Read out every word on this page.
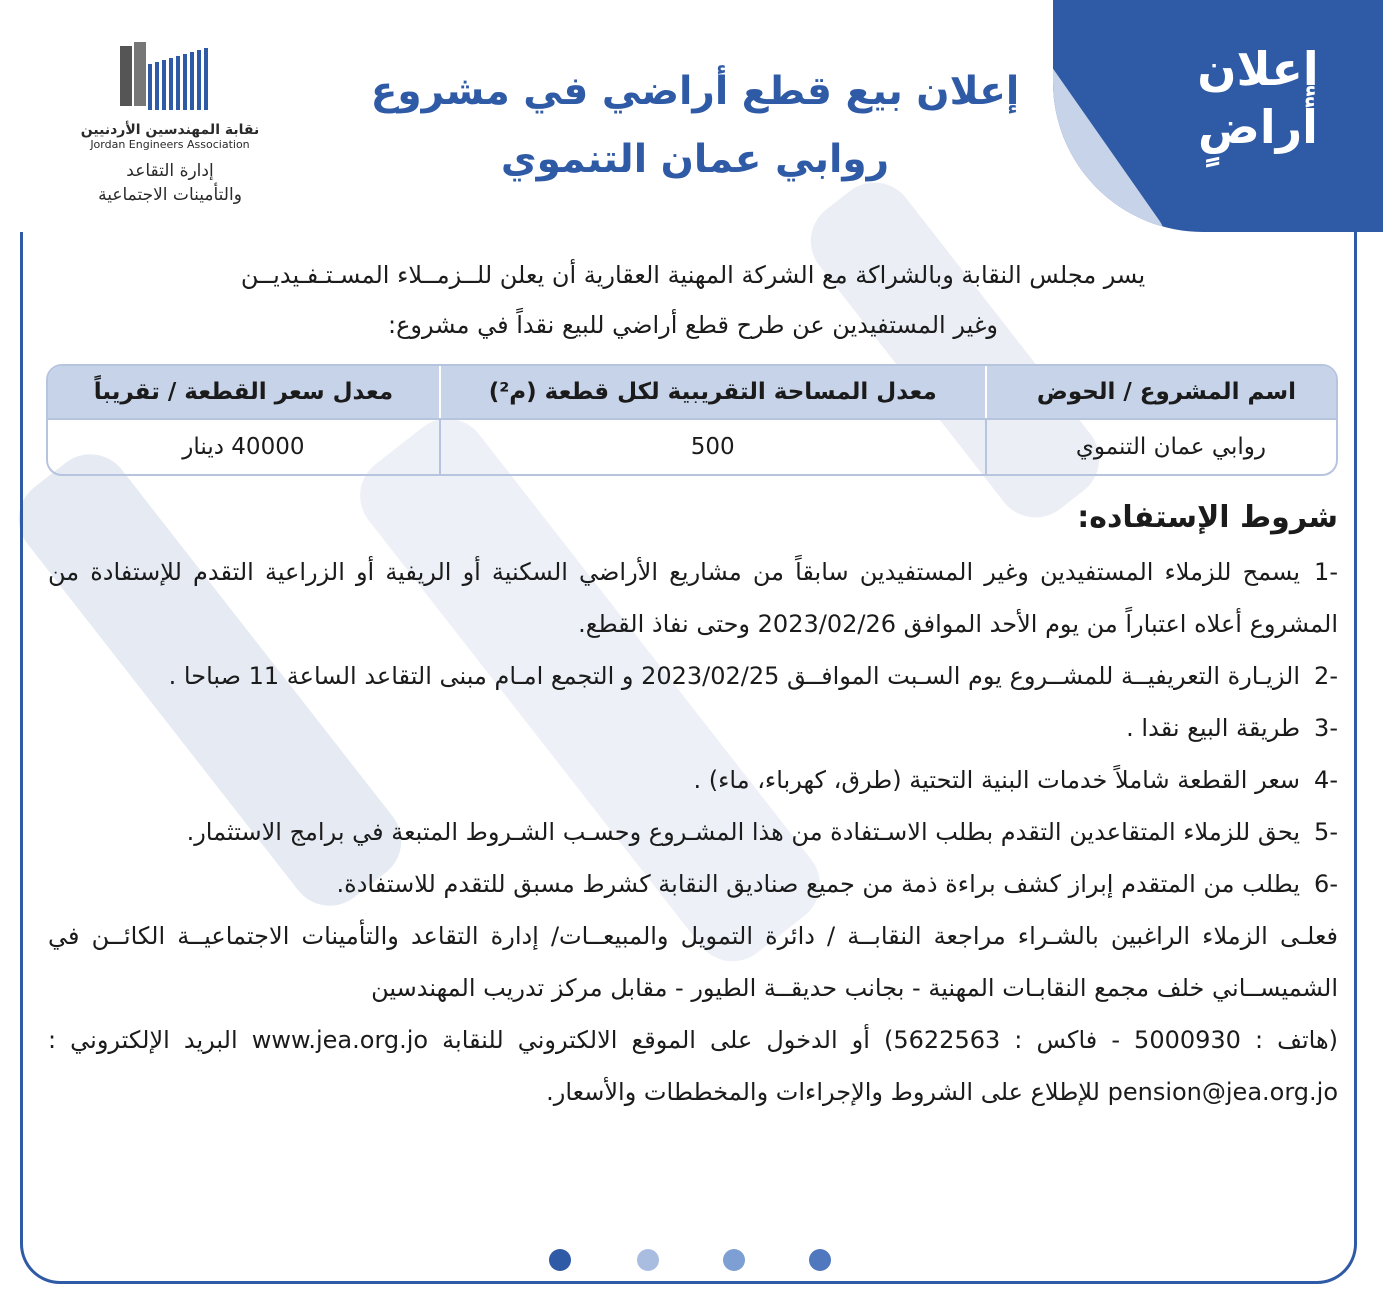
إعلان
أراضٍ
إعلان بيع قطع أراضي في مشروع
روابي عمان التنموي
نقابة المهندسين الأردنيين
Jordan Engineers Association
إدارة التقاعد
والتأمينات الاجتماعية

يسر مجلس النقابة وبالشراكة مع الشركة المهنية العقارية أن يعلن للــزمــلاء المسـتـفـيديــن
وغير المستفيدين عن طرح قطع أراضي للبيع نقداً في مشروع:

اسم المشروع / الحوض	معدل المساحة التقريبية لكل قطعة (م²)	معدل سعر القطعة / تقريباً
روابي عمان التنموي	500	40000 دينار
شروط الإستفاده:

-1يسمح للزملاء المستفيدين وغير المستفيدين سابقاً من مشاريع الأراضي السكنية أو الريفية أو الزراعية التقدم للإستفادة من المشروع أعلاه اعتباراً من يوم الأحد الموافق 2023/02/26 وحتى نفاذ القطع.

-2الزيـارة التعريفيــة للمشــروع يوم السـبت الموافــق 2023/02/25 و التجمع امـام مبنى التقاعد الساعة 11 صباحا .

-3طريقة البيع نقدا .

-4سعر القطعة شاملاً خدمات البنية التحتية (طرق، كهرباء، ماء) .

-5يحق للزملاء المتقاعدين التقدم بطلب الاسـتفادة من هذا المشـروع وحسـب الشـروط المتبعة في برامج الاستثمار.

-6يطلب من المتقدم إبراز كشف براءة ذمة من جميع صناديق النقابة كشرط مسبق للتقدم للاستفادة.

فعلـى الزملاء الراغبين بالشـراء مراجعة النقابــة / دائرة التمويل والمبيعــات/ إدارة التقاعد والتأمينات الاجتماعيــة الكائــن في الشميســاني خلف مجمع النقابـات المهنية - بجانب حديقــة الطيور - مقابل مركز تدريب المهندسين

(هاتف : 5000930 - فاكس : 5622563) أو الدخول على الموقع الالكتروني للنقابة www.jea.org.jo البريد الإلكتروني : pension@jea.org.jo للإطلاع على الشروط والإجراءات والمخططات والأسعار.
